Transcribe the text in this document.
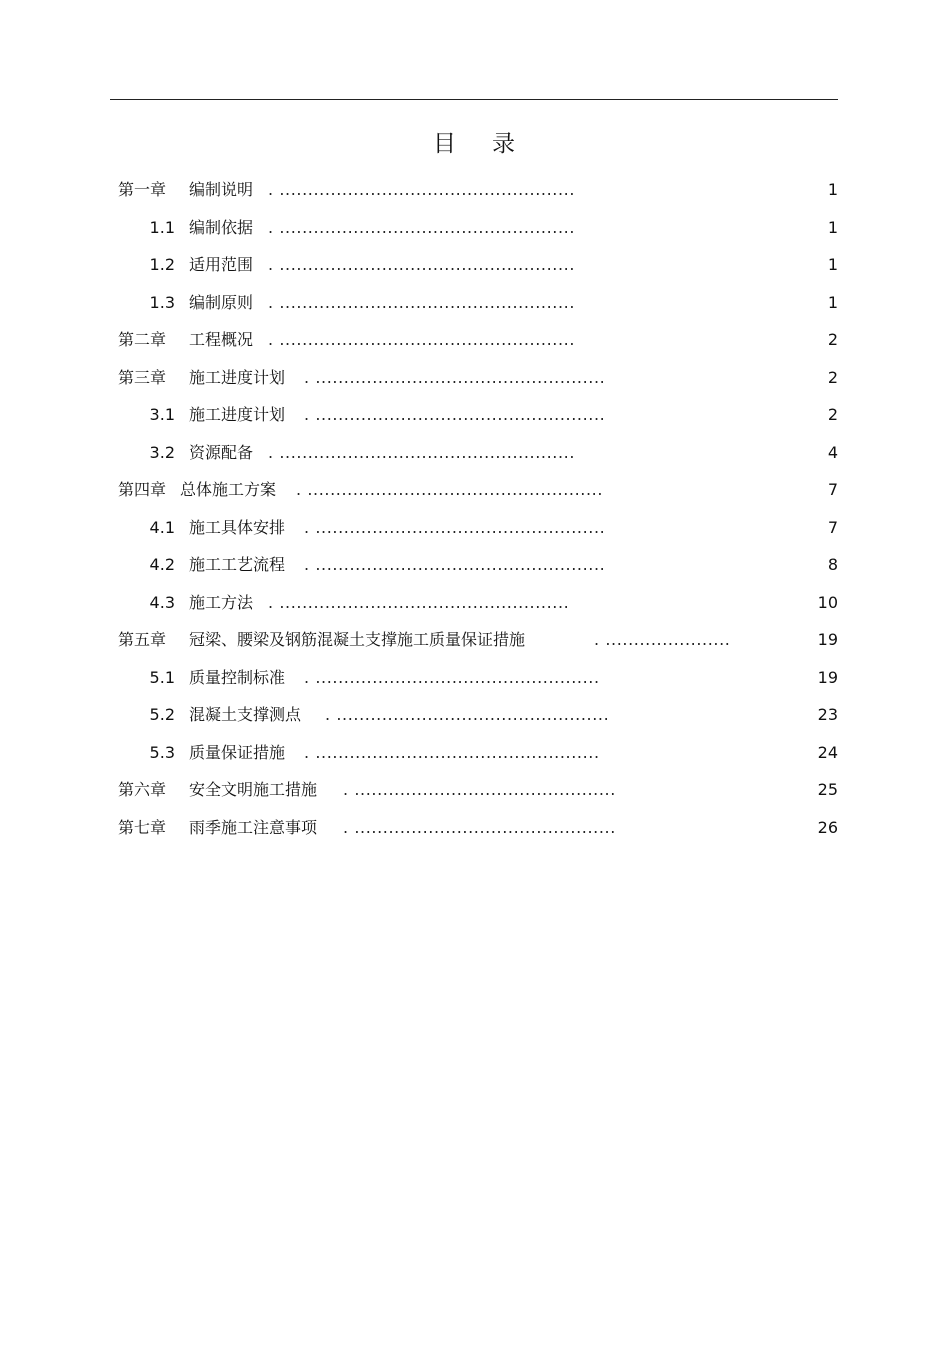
目 录
第一章 编制说明 . ....................................................	1
1.1 编制依据 . ....................................................	1
1.2 适用范围 . ....................................................	1
1.3 编制原则 . ....................................................	1
第二章 工程概况 . ....................................................	2
第三章 施工进度计划 . ...................................................	2
3.1 施工进度计划 . ...................................................	2
3.2 资源配备 . ....................................................	4
第四章 总体施工方案 . ....................................................	7
4.1 施工具体安排 . ...................................................	7
4.2 施工工艺流程 . ...................................................	8
4.3 施工方法 . ...................................................	10
第五章 冠梁、腰梁及钢筋混凝土支撑施工质量保证措施	. ......................	19
5.1 质量控制标准 . ..................................................	19
5.2 混凝土支撑测点 . ................................................	23
5.3 质量保证措施 . ..................................................	24
第六章 安全文明施工措施 . ..............................................	25
第七章 雨季施工注意事项 . ..............................................	26
